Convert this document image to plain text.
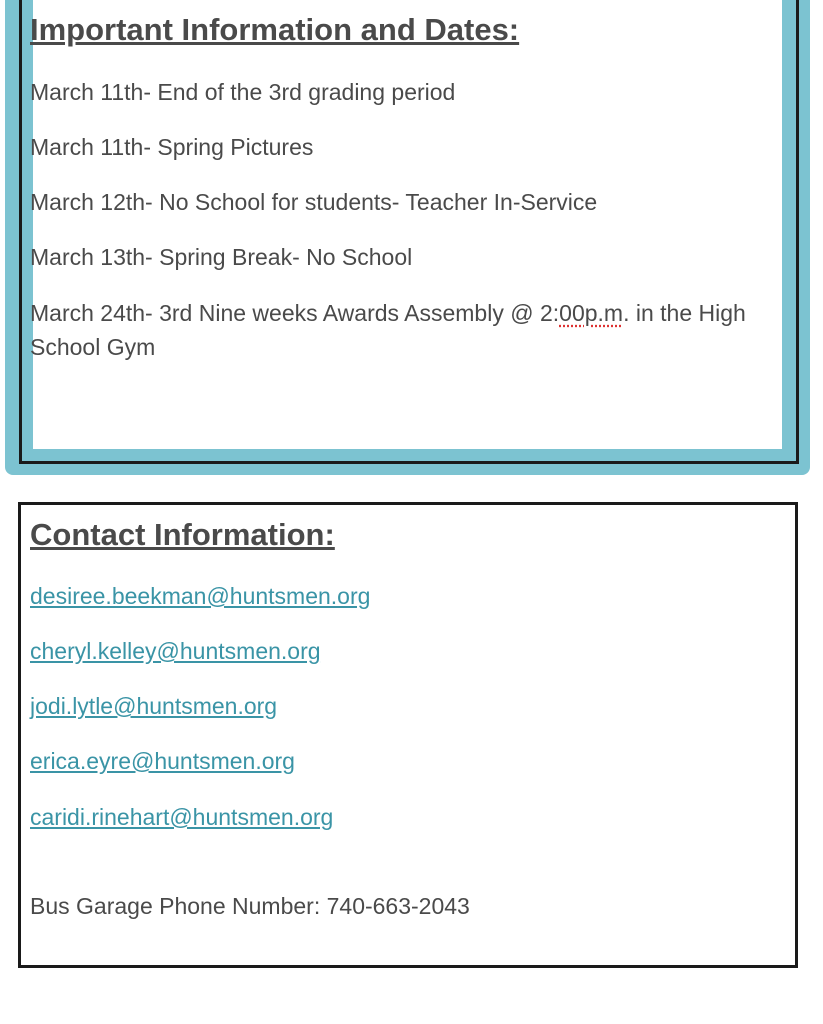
Important Information and Dates:
March 11th- End of the 3rd grading period
March 11th- Spring Pictures
March 12th- No School for students- Teacher In-Service
March 13th- Spring Break- No School
March 24th- 3rd Nine weeks Awards Assembly @ 2:00p.m. in the High School Gym
Contact Information:
desiree.beekman@huntsmen.org
cheryl.kelley@huntsmen.org
jodi.lytle@huntsmen.org
erica.eyre@huntsmen.org
caridi.rinehart@huntsmen.org
Bus Garage Phone Number: 740-663-2043
